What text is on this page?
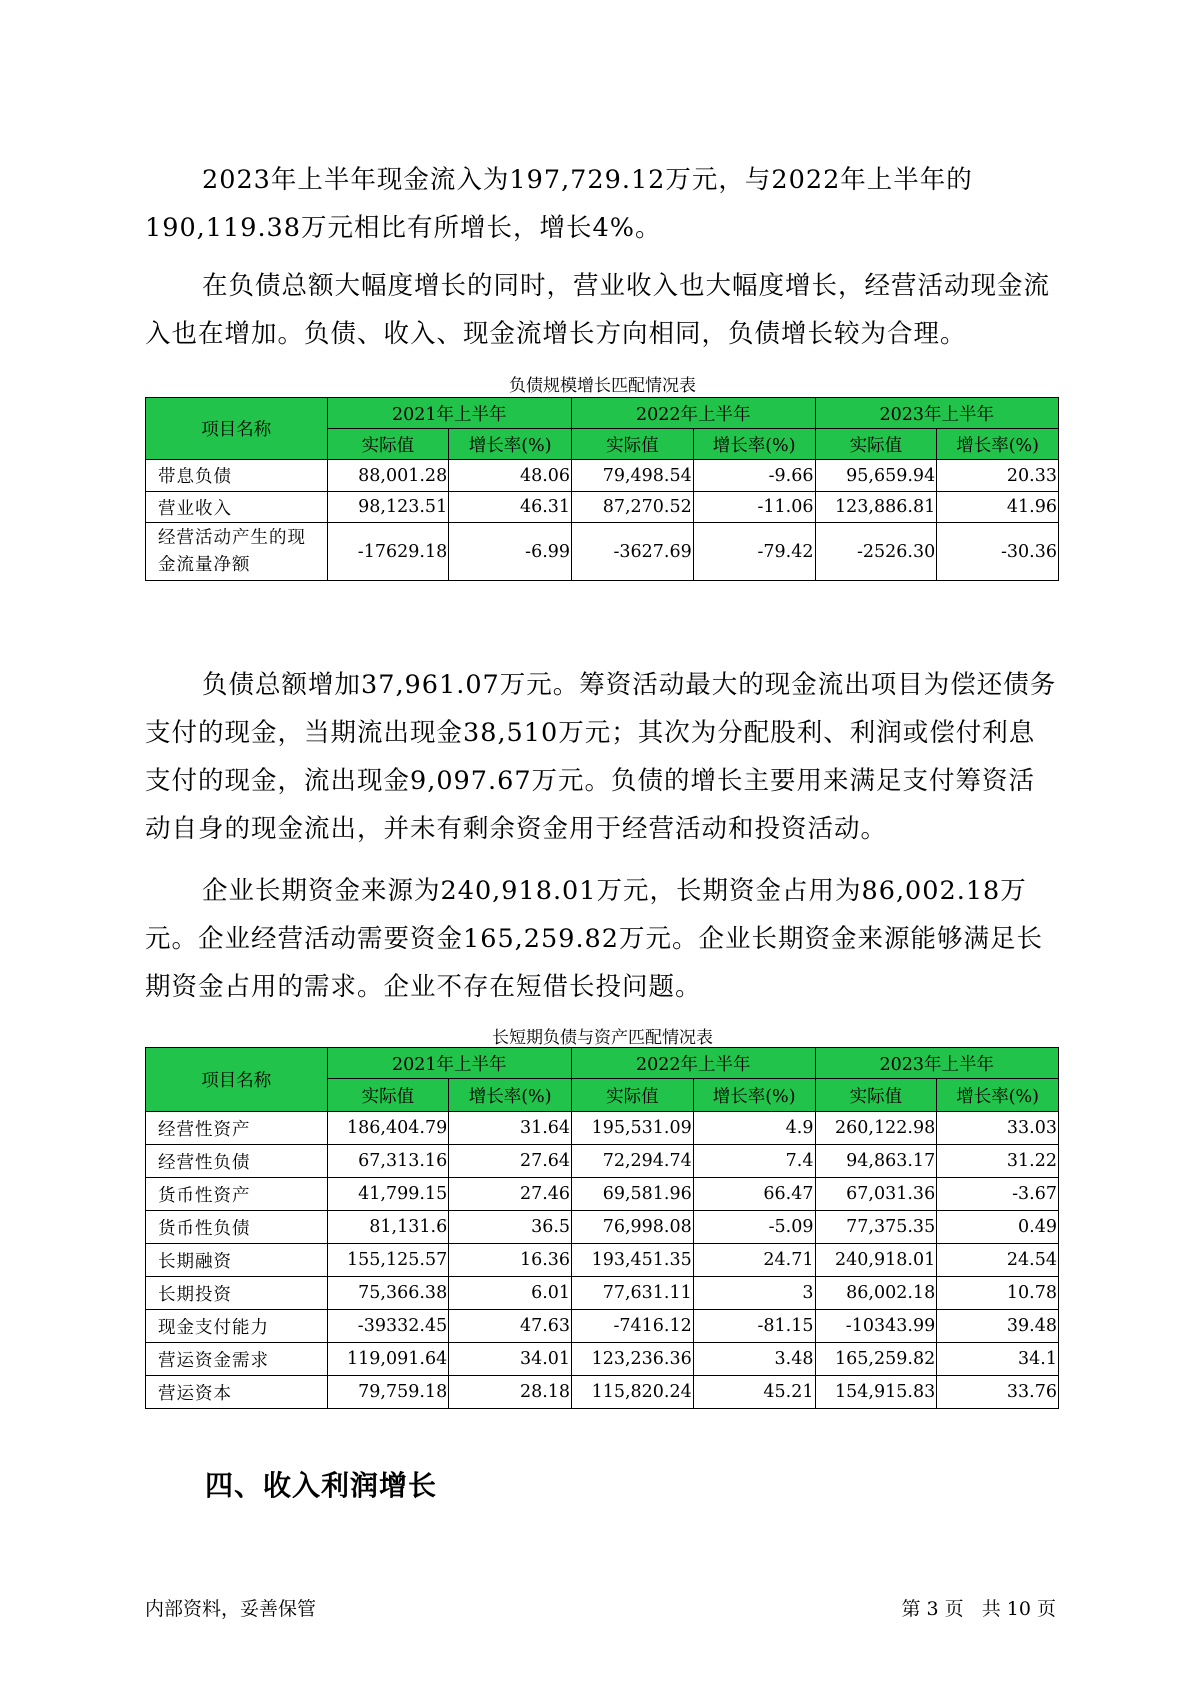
2023年上半年现金流入为197,729.12万元，与2022年上半年的190,119.38万元相比有所增长，增长4%。

在负债总额大幅度增长的同时，营业收入也大幅度增长，经营活动现金流入也在增加。负债、收入、现金流增长方向相同，负债增长较为合理。

负债规模增长匹配情况表

项目名称	2021年上半年		2022年上半年		2023年上半年	
	实际值	增长率(%)	实际值	增长率(%)	实际值	增长率(%)
带息负债	88,001.28	48.06	79,498.54	-9.66	95,659.94	20.33
营业收入	98,123.51	46.31	87,270.52	-11.06	123,886.81	41.96
经营活动产生的现金流量净额	-17629.18	-6.99	-3627.69	-79.42	-2526.30	-30.36

负债总额增加37,961.07万元。筹资活动最大的现金流出项目为偿还债务支付的现金，当期流出现金38,510万元；其次为分配股利、利润或偿付利息支付的现金，流出现金9,097.67万元。负债的增长主要用来满足支付筹资活动自身的现金流出，并未有剩余资金用于经营活动和投资活动。

企业长期资金来源为240,918.01万元，长期资金占用为86,002.18万元。企业经营活动需要资金165,259.82万元。企业长期资金来源能够满足长期资金占用的需求。企业不存在短借长投问题。

长短期负债与资产匹配情况表

项目名称	2021年上半年		2022年上半年		2023年上半年	
	实际值	增长率(%)	实际值	增长率(%)	实际值	增长率(%)
经营性资产	186,404.79	31.64	195,531.09	4.9	260,122.98	33.03
经营性负债	67,313.16	27.64	72,294.74	7.4	94,863.17	31.22
货币性资产	41,799.15	27.46	69,581.96	66.47	67,031.36	-3.67
货币性负债	81,131.6	36.5	76,998.08	-5.09	77,375.35	0.49
长期融资	155,125.57	16.36	193,451.35	24.71	240,918.01	24.54
长期投资	75,366.38	6.01	77,631.11	3	86,002.18	10.78
现金支付能力	-39332.45	47.63	-7416.12	-81.15	-10343.99	39.48
营运资金需求	119,091.64	34.01	123,236.36	3.48	165,259.82	34.1
营运资本	79,759.18	28.18	115,820.24	45.21	154,915.83	33.76
四、收入利润增长

内部资料，妥善保管	第 3 页   共 10 页
